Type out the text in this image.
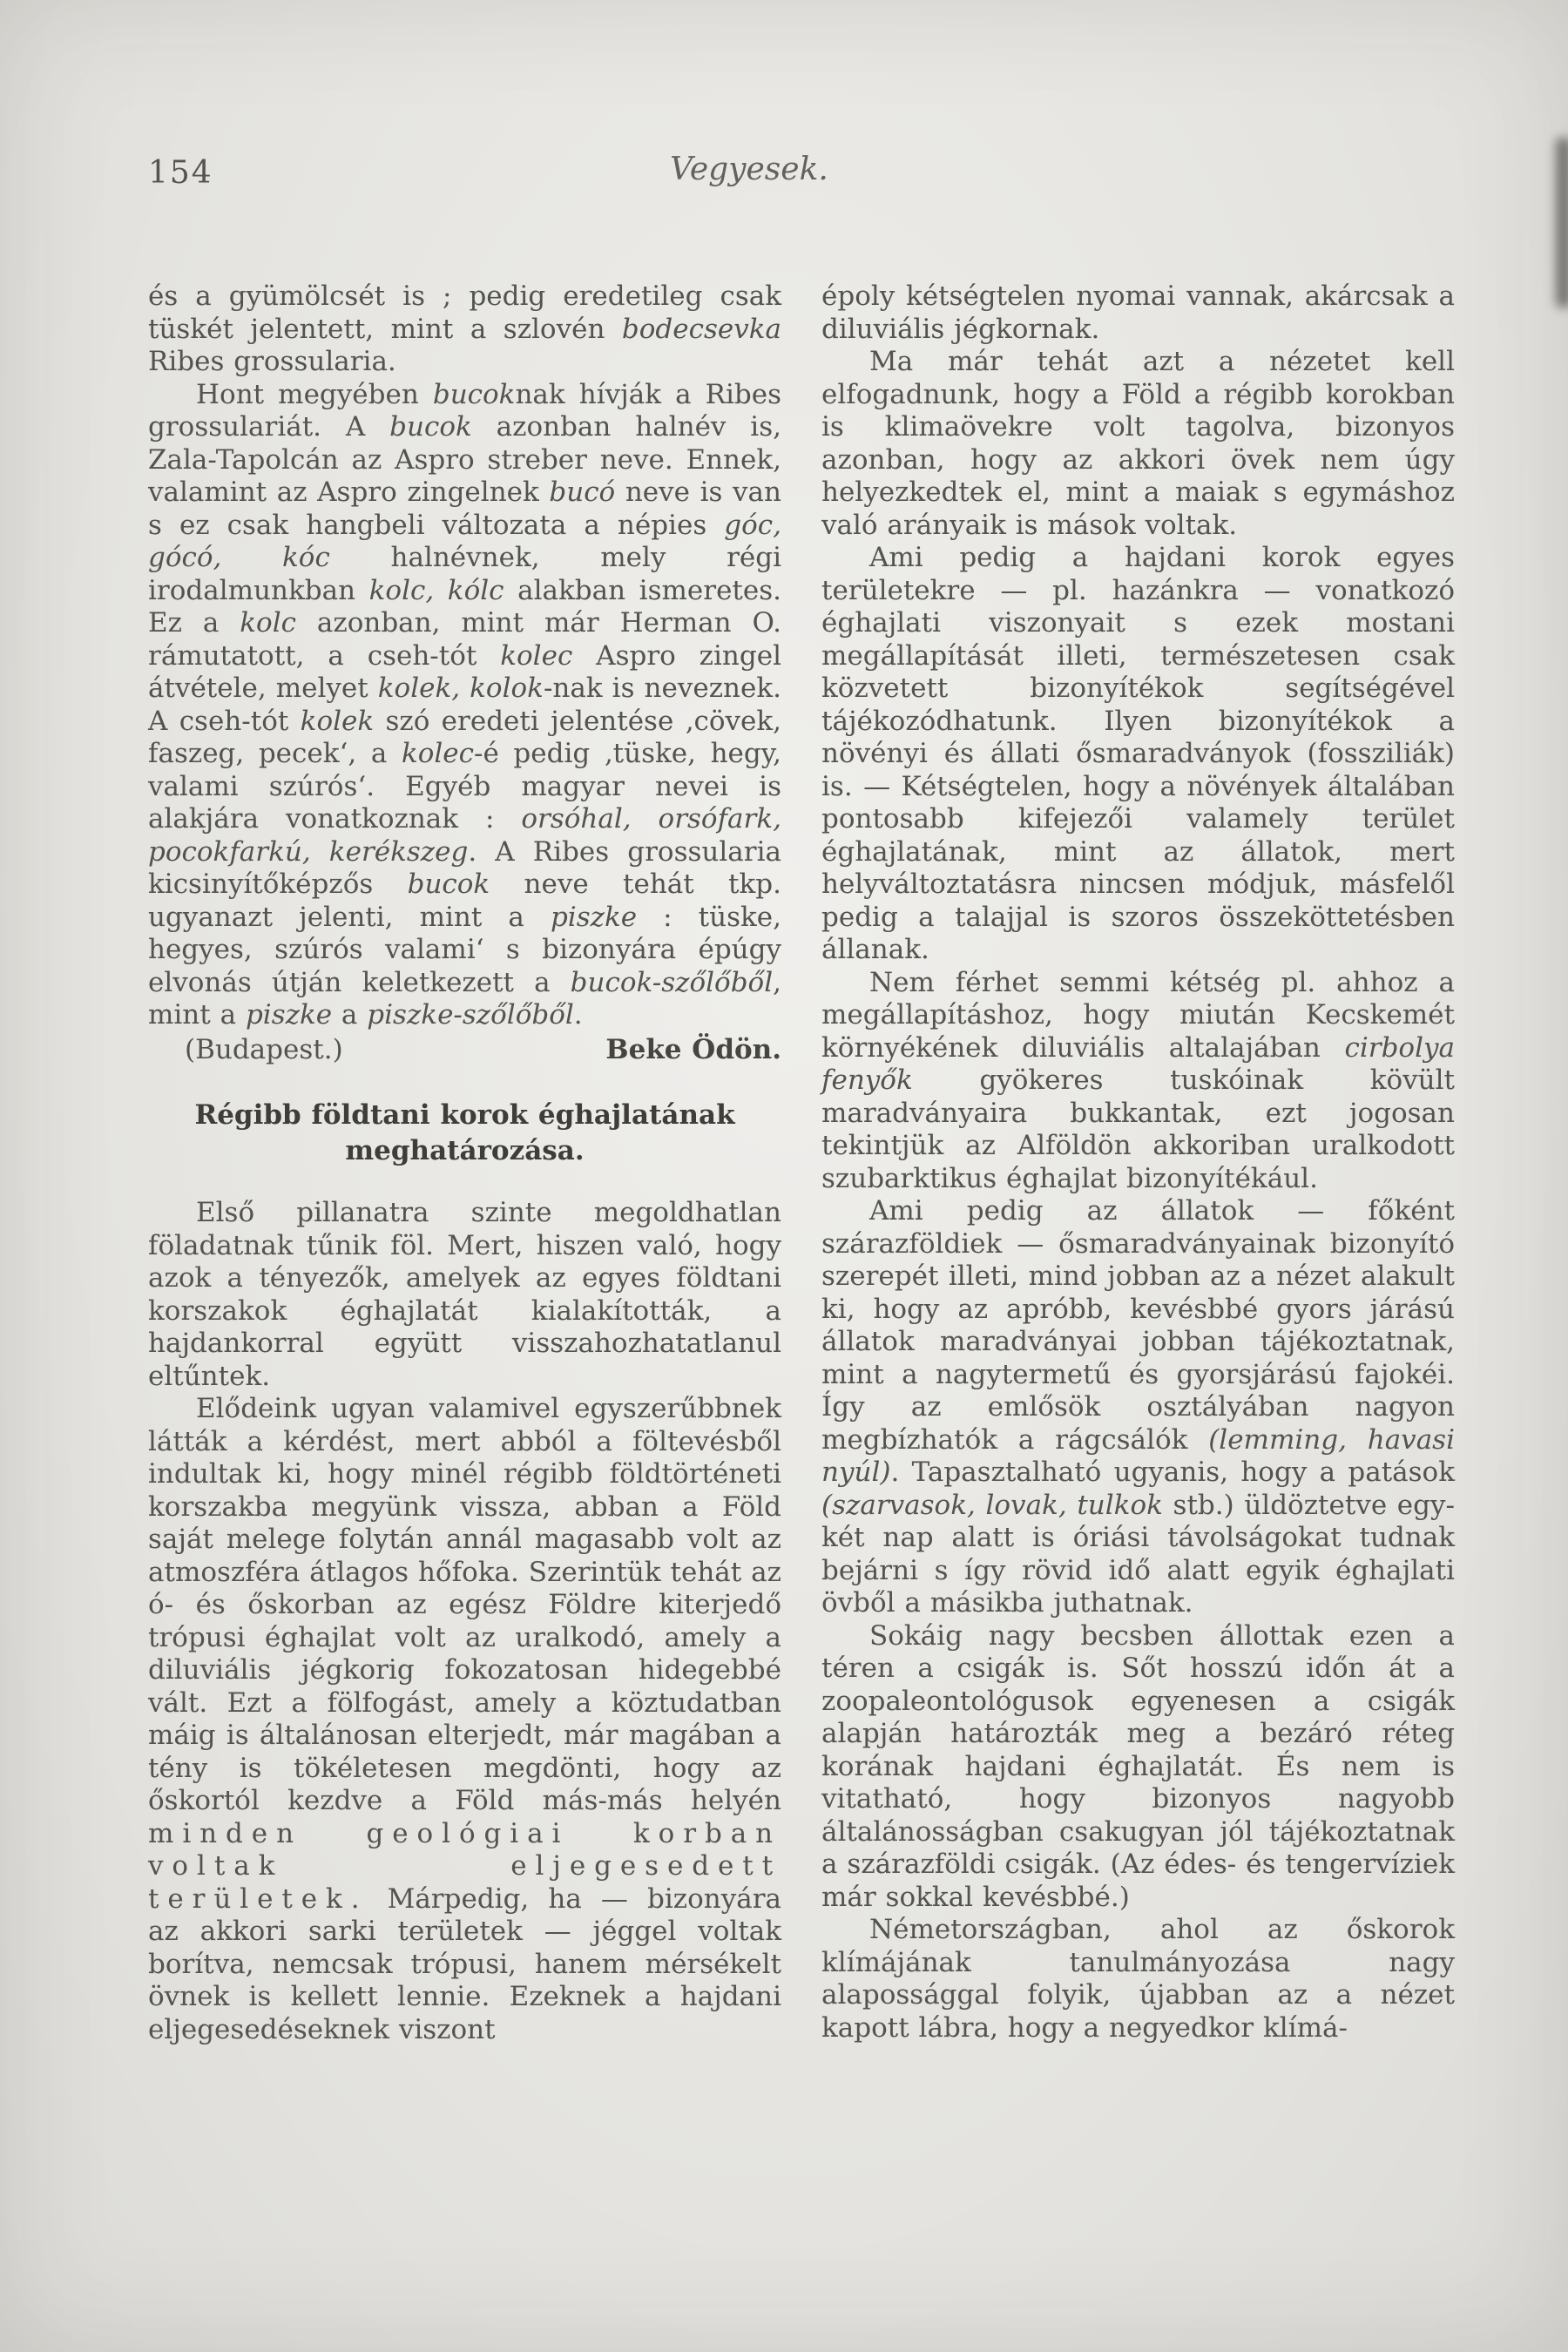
154	Vegyesek.

és a gyümölcsét is ; pedig eredetileg csak tüskét jelentett, mint a szlovén bodecsevka Ribes grossularia.

Hont megyében bucoknak hívják a Ribes grossulariát. A bucok azonban halnév is, Zala-Tapolcán az Aspro streber neve. Ennek, valamint az Aspro zingelnek bucó neve is van s ez csak hangbeli változata a népies góc, gócó, kóc halnévnek, mely régi irodalmunkban kolc, kólc alakban ismeretes. Ez a kolc azonban, mint már Herman O. rámutatott, a cseh-tót kolec Aspro zingel átvétele, melyet kolek, kolok-nak is neveznek. A cseh-tót kolek szó eredeti jelentése ‚cövek, faszeg, pecek‘, a kolec-é pedig ‚tüske, hegy, valami szúrós‘. Egyéb magyar nevei is alakjára vonatkoznak : orsóhal, orsófark, pocokfarkú, kerékszeg. A Ribes grossularia kicsinyítőképzős bucok neve tehát tkp. ugyanazt jelenti, mint a piszke : tüske, hegyes, szúrós valami‘ s bizonyára épúgy elvonás útján keletkezett a bucok-szőlőből, mint a piszke a piszke-szőlőből.

(Budapest.)	Beke Ödön.

Régibb földtani korok éghajlatának
meghatározása.

Első pillanatra szinte megoldhatlan föladatnak tűnik föl. Mert, hiszen való, hogy azok a tényezők, amelyek az egyes földtani korszakok éghajlatát kialakították, a hajdankorral együtt visszahozhatatlanul eltűntek.

Elődeink ugyan valamivel egyszerűbbnek látták a kérdést, mert abból a föltevésből indultak ki, hogy minél régibb földtörténeti korszakba megyünk vissza, abban a Föld saját melege folytán annál magasabb volt az atmoszféra átlagos hőfoka. Szerintük tehát az ó- és őskorban az egész Földre kiterjedő trópusi éghajlat volt az uralkodó, amely a diluviális jégkorig fokozatosan hidegebbé vált. Ezt a fölfogást, amely a köztudatban máig is általánosan elterjedt, már magában a tény is tökéletesen megdönti, hogy az őskortól kezdve a Föld más-más helyén minden geológiai korban voltak eljegesedett területek. Márpedig, ha — bizonyára az akkori sarki területek — jéggel voltak borítva, nemcsak trópusi, hanem mérsékelt övnek is kellett lennie. Ezeknek a hajdani eljegesedéseknek viszont

époly kétségtelen nyomai vannak, akárcsak a diluviális jégkornak.

Ma már tehát azt a nézetet kell elfogadnunk, hogy a Föld a régibb korokban is klimaövekre volt tagolva, bizonyos azonban, hogy az akkori övek nem úgy helyezkedtek el, mint a maiak s egymáshoz való arányaik is mások voltak.

Ami pedig a hajdani korok egyes területekre — pl. hazánkra — vonatkozó éghajlati viszonyait s ezek mostani megállapítását illeti, természetesen csak közvetett bizonyítékok segítségével tájékozódhatunk. Ilyen bizonyítékok a növényi és állati ősmaradványok (fossziliák) is. — Kétségtelen, hogy a növények általában pontosabb kifejezői valamely terület éghajlatának, mint az állatok, mert helyváltoztatásra nincsen módjuk, másfelől pedig a talajjal is szoros összeköttetésben állanak.

Nem férhet semmi kétség pl. ahhoz a megállapításhoz, hogy miután Kecskemét környékének diluviális altalajában cirbolya fenyők gyökeres tuskóinak kövült maradványaira bukkantak, ezt jogosan tekintjük az Alföldön akkoriban uralkodott szubarktikus éghajlat bizonyítékául.

Ami pedig az állatok — főként szárazföldiek — ősmaradványainak bizonyító szerepét illeti, mind jobban az a nézet alakult ki, hogy az apróbb, kevésbbé gyors járású állatok maradványai jobban tájékoztatnak, mint a nagytermetű és gyorsjárású fajokéi. Így az emlősök osztályában nagyon megbízhatók a rágcsálók (lemming, havasi nyúl). Tapasztalható ugyanis, hogy a patások (szarvasok, lovak, tulkok stb.) üldöztetve egy-két nap alatt is óriási távolságokat tudnak bejárni s így rövid idő alatt egyik éghajlati övből a másikba juthatnak.

Sokáig nagy becsben állottak ezen a téren a csigák is. Sőt hosszú időn át a zoopaleontológusok egyenesen a csigák alapján határozták meg a bezáró réteg korának hajdani éghajlatát. És nem is vitatható, hogy bizonyos nagyobb általánosságban csakugyan jól tájékoztatnak a szárazföldi csigák. (Az édes- és tengervíziek már sokkal kevésbbé.)

Németországban, ahol az őskorok klímájának tanulmányozása nagy alapossággal folyik, újabban az a nézet kapott lábra, hogy a negyedkor klímá-
